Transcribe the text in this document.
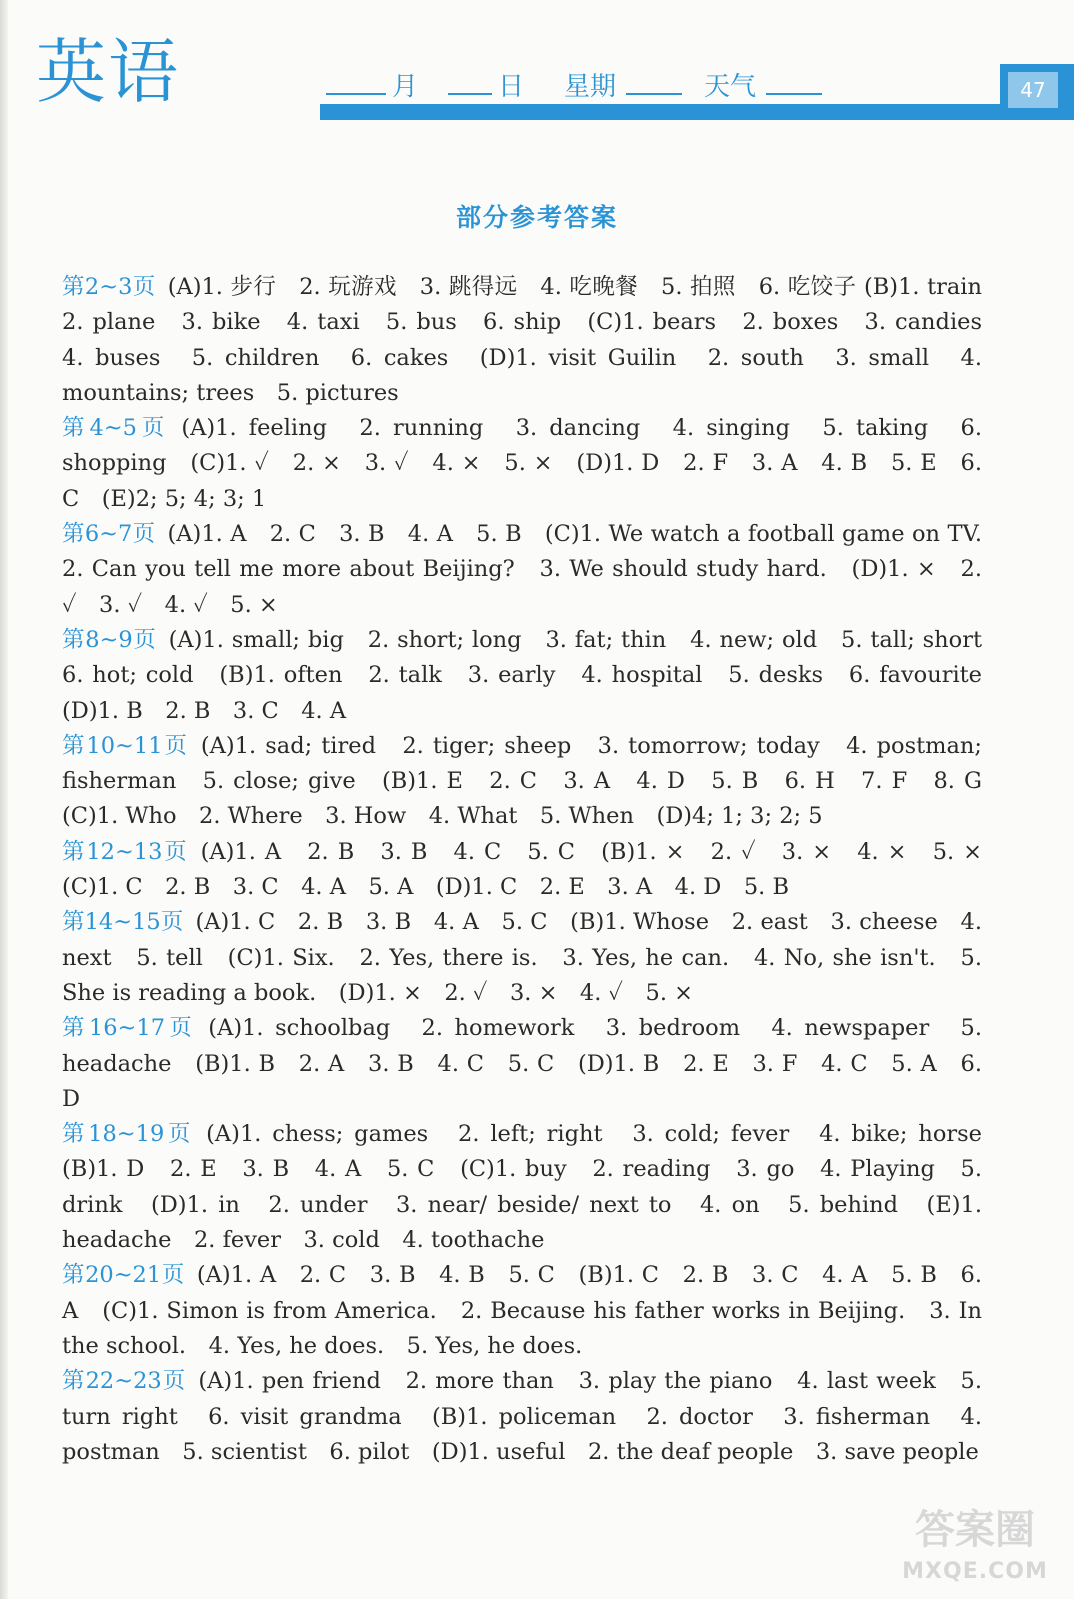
英语	月	日 星期	天气	47
部分参考答案
第2~3页 (A)1. 步行　2. 玩游戏　3. 跳得远　4. 吃晚餐　5. 拍照　6. 吃饺子 (B)1. train　2. plane　3. bike　4. taxi　5. bus　6. ship　(C)1. bears　2. boxes　3. candies　4. buses　5. children　6. cakes　(D)1. visit Guilin　2. south　3. small　4. mountains; trees　5. pictures
第4~5页 (A)1. feeling　2. running　3. dancing　4. singing　5. taking　6. shopping　(C)1. ✓　2. ×　3. ✓　4. ×　5. ×　(D)1. D　2. F　3. A　4. B　5. E　6. C　(E)2; 5; 4; 3; 1
第6~7页 (A)1. A　2. C　3. B　4. A　5. B　(C)1. We watch a football game on TV.　2. Can you tell me more about Beijing?　3. We should study hard.　(D)1. ×　2. ✓　3. ✓　4. ✓　5. ×
第8~9页 (A)1. small; big　2. short; long　3. fat; thin　4. new; old　5. tall; short　6. hot; cold　(B)1. often　2. talk　3. early　4. hospital　5. desks　6. favourite　(D)1. B　2. B　3. C　4. A
第10~11页 (A)1. sad; tired　2. tiger; sheep　3. tomorrow; today　4. postman; fisherman　5. close; give　(B)1. E　2. C　3. A　4. D　5. B　6. H　7. F　8. G　(C)1. Who　2. Where　3. How　4. What　5. When　(D)4; 1; 3; 2; 5
第12~13页 (A)1. A　2. B　3. B　4. C　5. C　(B)1. ×　2. ✓　3. ×　4. ×　5. ×　(C)1. C　2. B　3. C　4. A　5. A　(D)1. C　2. E　3. A　4. D　5. B
第14~15页 (A)1. C　2. B　3. B　4. A　5. C　(B)1. Whose　2. east　3. cheese　4. next　5. tell　(C)1. Six.　2. Yes, there is.　3. Yes, he can.　4. No, she isn't.　5. She is reading a book.　(D)1. ×　2. ✓　3. ×　4. ✓　5. ×
第16~17页 (A)1. schoolbag　2. homework　3. bedroom　4. newspaper　5. headache　(B)1. B　2. A　3. B　4. C　5. C　(D)1. B　2. E　3. F　4. C　5. A　6. D
第18~19页 (A)1. chess; games　2. left; right　3. cold; fever　4. bike; horse　(B)1. D　2. E　3. B　4. A　5. C　(C)1. buy　2. reading　3. go　4. Playing　5. drink　(D)1. in　2. under　3. near/ beside/ next to　4. on　5. behind　(E)1. headache　2. fever　3. cold　4. toothache
第20~21页 (A)1. A　2. C　3. B　4. B　5. C　(B)1. C　2. B　3. C　4. A　5. B　6. A　(C)1. Simon is from America.　2. Because his father works in Beijing.　3. In the school.　4. Yes, he does.　5. Yes, he does.
第22~23页 (A)1. pen friend　2. more than　3. play the piano　4. last week　5. turn right　6. visit grandma　(B)1. policeman　2. doctor　3. fisherman　4. postman　5. scientist　6. pilot　(D)1. useful　2. the deaf people　3. save people
答案圈
MXQE.COM
